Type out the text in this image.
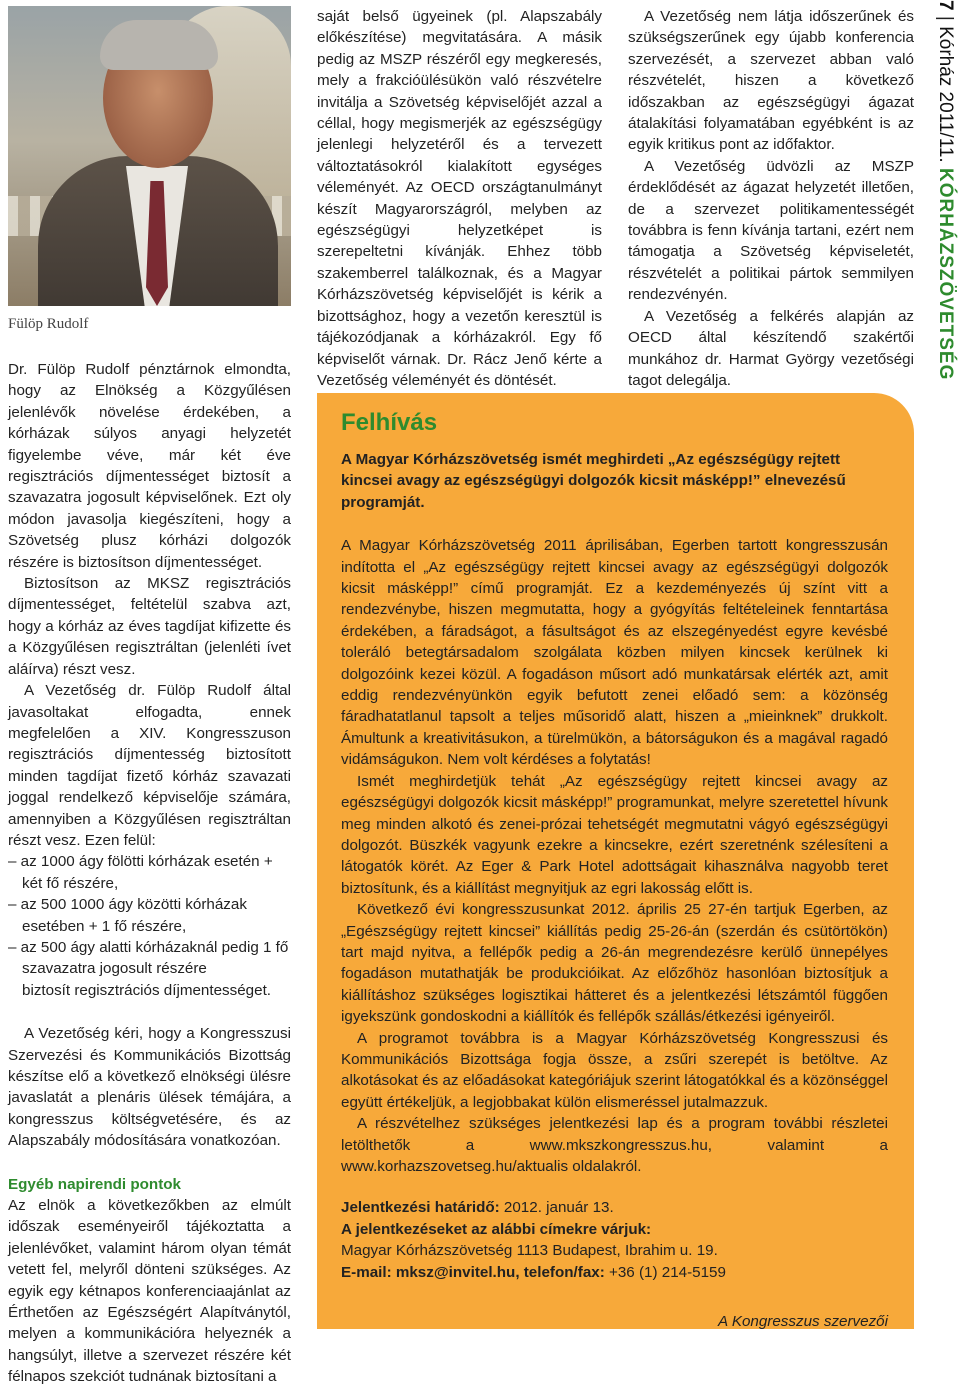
Fülöp Rudolf

Dr. Fülöp Rudolf pénztárnok elmondta, hogy az Elnökség a Közgyűlésen jelenlévők növelése érdekében, a kórházak súlyos anyagi helyzetét figyelembe véve, már két éve regisztrációs díjmentességet biztosít a szavazatra jogosult képviselőnek. Ezt oly módon javasolja kiegészíteni, hogy a Szövetség plusz kórházi dolgozók részére is biztosítson díjmentességet.

Biztosítson az MKSZ regisztrációs díjmentességet, feltételül szabva azt, hogy a kórház az éves tagdíjat kifizette és a Közgyűlésen regisztráltan (jelenléti ívet aláírva) részt vesz.

A Vezetőség dr. Fülöp Rudolf által javasoltakat elfogadta, ennek megfelelően a XIV. Kongresszuson regisztrációs díjmentesség biztosított minden tagdíjat fizető kórház szavazati joggal rendelkező képviselője számára, amennyiben a Közgyűlésen regisztráltan részt vesz. Ezen felül:

– az 1000 ágy fölötti kórházak esetén + két fő részére,

– az 500 1000 ágy közötti kórházak esetében + 1 fő részére,

– az 500 ágy alatti kórházaknál pedig 1 fő szavazatra jogosult részére

biztosít regisztrációs díjmentességet.

A Vezetőség kéri, hogy a Kongresszusi Szervezési és Kommunikációs Bizottság készítse elő a következő elnökségi ülésre javaslatát a plenáris ülések témájára, a kongresszus költségvetésére, és az Alapszabály módosítására vonatkozóan.

Egyéb napirendi pontok

Az elnök a következőkben az elmúlt időszak eseményeiről tájékoztatta a jelenlévőket, valamint három olyan témát vetett fel, melyről dönteni szükséges. Az egyik egy kétnapos konferenciaajánlat az Érthetően az Egészségért Alapítványtól, melyen a kommunikációra helyeznék a hangsúlyt, illetve a szervezet részére két félnapos szekciót tudnának biztosítani a

saját belső ügyeinek (pl. Alapszabály előkészítése) megvitatására. A másik pedig az MSZP részéről egy megkeresés, mely a frakcióülésükön való részvételre invitálja a Szövetség képviselőjét azzal a céllal, hogy megismerjék az egészségügy jelenlegi helyzetéről és a tervezett változtatásokról kialakított egységes véleményét. Az OECD országtanulmányt készít Magyarországról, melyben az egészségügyi helyzetképet is szerepeltetni kívánják. Ehhez több szakemberrel találkoznak, és a Magyar Kórházszövetség képviselőjét is kérik a bizottsághoz, hogy a vezetőn keresztül is tájékozódjanak a kórházakról. Egy fő képviselőt várnak. Dr. Rácz Jenő kérte a Vezetőség véleményét és döntését.

A Vezetőség nem látja időszerűnek és szükségszerűnek egy újabb konferencia szervezését, a szervezet abban való részvételét, hiszen a következő időszakban az egészségügyi ágazat átalakítási folyamatában egyébként is az egyik kritikus pont az időfaktor.

A Vezetőség üdvözli az MSZP érdeklődését az ágazat helyzetét illetően, de a szervezet politikamentességét továbbra is fenn kívánja tartani, ezért nem támogatja a Szövetség képviseletét, részvételét a politikai pártok semmilyen rendezvényén.

A Vezetőség a felkérés alapján az OECD által készítendő szakértői munkához dr. Harmat György vezetőségi tagot delegálja.

7 | Kórház 2011/11. KÓRHÁZSZÖVETSÉG
Felhívás
A Magyar Kórházszövetség ismét meghirdeti „Az egészségügy rejtett kincsei avagy az egészségügyi dolgozók kicsit másképp!” elnevezésű programját.

A Magyar Kórházszövetség 2011 áprilisában, Egerben tartott kongresszusán indította el „Az egészségügy rejtett kincsei avagy az egészségügyi dolgozók kicsit másképp!” című programját. Ez a kezdeményezés új színt vitt a rendezvénybe, hiszen megmutatta, hogy a gyógyítás feltételeinek fenntartása érdekében, a fáradságot, a fásultságot és az elszegényedést egyre kevésbé toleráló betegtársadalom szolgálata közben milyen kincsek kerülnek ki dolgozóink kezei közül. A fogadáson műsort adó munkatársak elérték azt, amit eddig rendezvényünkön egyik befutott zenei előadó sem: a közönség fáradhatatlanul tapsolt a teljes műsoridő alatt, hiszen a „mieinknek” drukkolt. Ámultunk a kreativitásukon, a türelmükön, a bátorságukon és a magával ragadó vidámságukon. Nem volt kérdéses a folytatás!

Ismét meghirdetjük tehát „Az egészségügy rejtett kincsei avagy az egészségügyi dolgozók kicsit másképp!” programunkat, melyre szeretettel hívunk meg minden alkotó és zenei-prózai tehetségét megmutatni vágyó egészségügyi dolgozót. Büszkék vagyunk ezekre a kincsekre, ezért szeretnénk szélesíteni a látogatók körét. Az Eger & Park Hotel adottságait kihasználva nagyobb teret biztosítunk, és a kiállítást megnyitjuk az egri lakosság előtt is.

Következő évi kongresszusunkat 2012. április 25 27-én tartjuk Egerben, az „Egészségügy rejtett kincsei” kiállítás pedig 25-26-án (szerdán és csütörtökön) tart majd nyitva, a fellépők pedig a 26-án megrendezésre kerülő ünnepélyes fogadáson mutathatják be produkcióikat. Az előzőhöz hasonlóan biztosítjuk a kiállításhoz szükséges logisztikai hátteret és a jelentkezési létszámtól függően igyekszünk gondoskodni a kiállítók és fellépők szállás/étkezési igényeiről.

A programot továbbra is a Magyar Kórházszövetség Kongresszusi és Kommunikációs Bizottsága fogja össze, a zsűri szerepét is betöltve. Az alkotásokat és az előadásokat kategóriájuk szerint látogatókkal és a közönséggel együtt értékeljük, a legjobbakat külön elismeréssel jutalmazzuk.

A részvételhez szükséges jelentkezési lap és a program további részletei letölthetők a www.mkszkongresszus.hu, valamint a www.korhazszovetseg.hu/aktualis oldalakról.

Jelentkezési határidő: 2012. január 13.

A jelentkezéseket az alábbi címekre várjuk:

Magyar Kórházszövetség 1113 Budapest, Ibrahim u. 19.

E-mail: mksz@invitel.hu, telefon/fax: +36 (1) 214-5159

A Kongresszus szervezői
